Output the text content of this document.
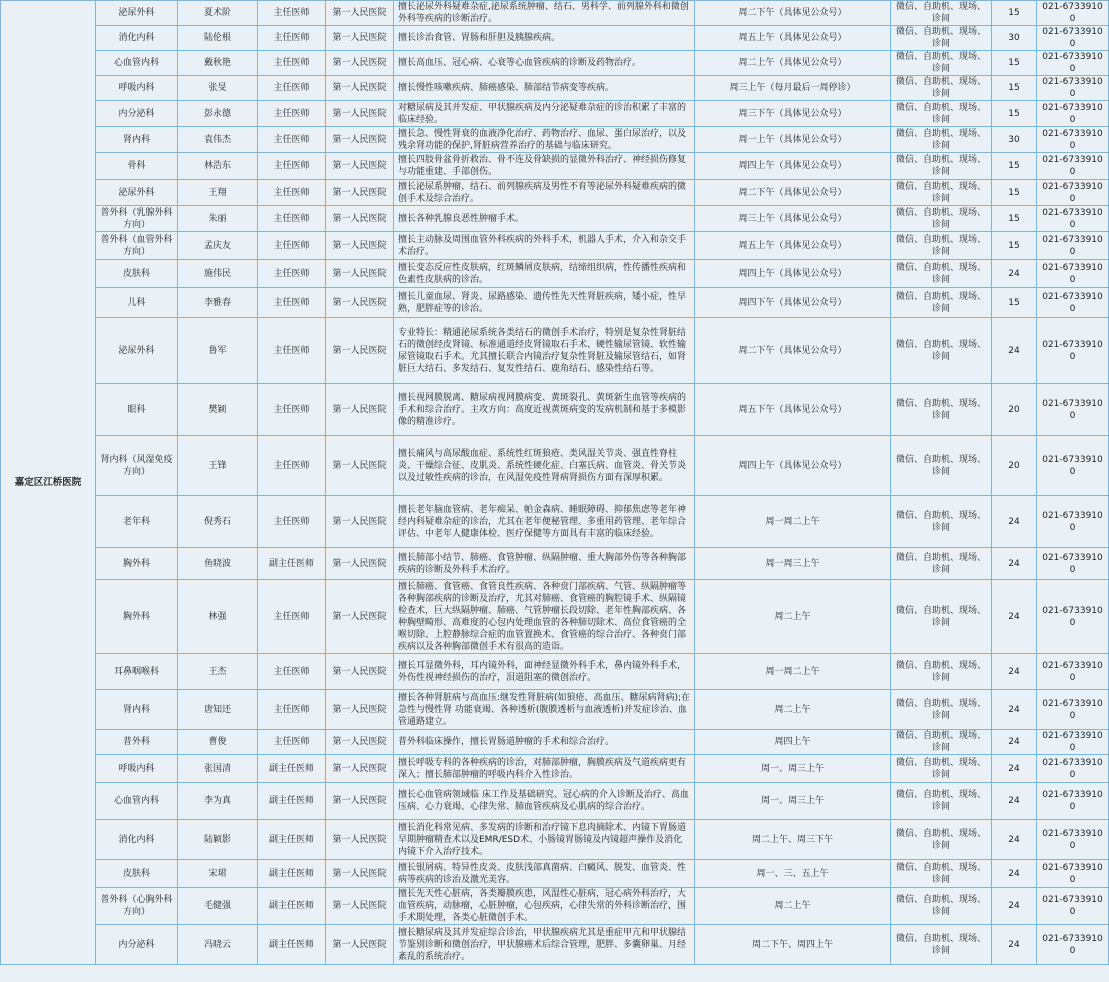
嘉定区江桥医院	泌尿外科	夏术阶	主任医师	第一人民医院	擅长泌尿外科疑难杂症,泌尿系统肿瘤、结石、男科学、前列腺外科和微创外科等疾病的诊断治疗。	周二下午（具体见公众号）	微信、自助机、现场、诊间	15	021-67339100
	消化内科	陆伦根	主任医师	第一人民医院	擅长诊治食管、胃肠和肝胆及胰腺疾病。	周五上午（具体见公众号）	微信、自助机、现场、诊间	30	021-67339100
	心血管内科	戴秋艳	主任医师	第一人民医院	擅长高血压、冠心病、心衰等心血管疾病的诊断及药物治疗。	周二上午（具体见公众号）	微信、自助机、现场、诊间	15	021-67339100
	呼吸内科	张旻	主任医师	第一人民医院	擅长慢性咳嗽疾病、肺癌感染、肺部结节病变等疾病。	周三上午（每月最后一周停诊）	微信、自助机、现场、诊间	15	021-67339100
	内分泌科	彭永德	主任医师	第一人民医院	对糖尿病及其并发症、甲状腺疾病及内分泌疑难杂症的诊治积累了丰富的临床经验。	周三下午（具体见公众号）	微信、自助机、现场、诊间	15	021-67339100
	肾内科	袁伟杰	主任医师	第一人民医院	擅长急、慢性肾衰的血液净化治疗、药物治疗、血尿、蛋白尿治疗，以及残余肾功能的保护,肾脏病营养治疗的基础与临床研究。	周一上午（具体见公众号）	微信、自助机、现场、诊间	30	021-67339100
	骨科	林浩东	主任医师	第一人民医院	擅长四肢骨盆骨折救治、骨不连及骨缺损的显微外科治疗、神经损伤修复与功能重建、手部创伤。	周四上午（具体见公众号）	微信、自助机、现场、诊间	15	021-67339100
	泌尿外科	王翔	主任医师	第一人民医院	擅长泌尿系肿瘤、结石、前列腺疾病及男性不育等泌尿外科疑难疾病的微创手术及综合治疗。	周二下午（具体见公众号）	微信、自助机、现场、诊间	15	021-67339100
	普外科（乳腺外科方向）	朱丽	主任医师	第一人民医院	擅长各种乳腺良恶性肿瘤手术。	周三上午（具体见公众号）	微信、自助机、现场、诊间	15	021-67339100
	普外科（血管外科方向）	孟庆友	主任医师	第一人民医院	擅长主动脉及周围血管外科疾病的外科手术，机器人手术，介入和杂交手术治疗。	周五上午（具体见公众号）	微信、自助机、现场、诊间	15	021-67339100
	皮肤科	施伟民	主任医师	第一人民医院	擅长变态反应性皮肤病，红斑鳞屑皮肤病，结缔组织病，性传播性疾病和色素性皮肤病的诊治。	周四上午（具体见公众号）	微信、自助机、现场、诊间	24	021-67339100
	儿科	李雅春	主任医师	第一人民医院	擅长儿童血尿、肾炎、尿路感染、遗传性先天性肾脏疾病，矮小症，性早熟，肥胖症等的诊治。	周四下午（具体见公众号）	微信、自助机、现场、诊间	15	021-67339100
	泌尿外科	鲁军	主任医师	第一人民医院	专业特长：精通泌尿系统各类结石的微创手术治疗，特别是复杂性肾脏结石的微创经皮肾镜、标准通道经皮肾镜取石手术、硬性输尿管镜、软性输尿管镜取石手术。尤其擅长联合内镜治疗复杂性肾脏及输尿管结石，如肾脏巨大结石、多发结石、复发性结石、鹿角结石、感染性结石等。	周二下午（具体见公众号）	微信、自助机、现场、诊间	24	021-67339100
	眼科	樊颖	主任医师	第一人民医院	擅长视网膜脱离、糖尿病视网膜病变、黄斑裂孔、黄斑新生血管等疾病的手术和综合治疗。主攻方向：高度近视黄斑病变的发病机制和基于多模影像的精准诊疗。	周五下午（具体见公众号）	微信、自助机、现场、诊间	20	021-67339100
	肾内科（风湿免疫方向）	王锋	主任医师	第一人民医院	擅长痛风与高尿酸血症、系统性红斑狼疮、类风湿关节炎、强直性脊柱炎、干燥综合征、皮肌炎、系统性硬化症、白塞氏病、血管炎、骨关节炎以及过敏性疾病的诊治，在风湿免疫性肾病肾损伤方面有深厚积累。	周四上午（具体见公众号）	微信、自助机、现场、诊间	20	021-67339100
	老年科	倪秀石	主任医师	第一人民医院	擅长老年脑血管病、老年痴呆、帕金森病、睡眠障碍、抑郁焦虑等老年神经内科疑难杂症的诊治，尤其在老年便秘管理、多重用药管理、老年综合评估、中老年人健康体检、医疗保健等方面具有丰富的临床经验。	周一周二上午	微信、自助机、现场、诊间	24	021-67339100
	胸外科	鱼晓波	副主任医师	第一人民医院	擅长肺部小结节、肺癌、食管肿瘤、纵隔肿瘤、重大胸部外伤等各种胸部疾病的诊断及外科手术治疗。	周一周三上午	微信、自助机、现场、诊间	24	021-67339100
	胸外科	林强	主任医师	第一人民医院	擅长肺癌、食管癌、食管良性疾病、各种贲门部疾病、气管、纵隔肿瘤等各种胸部疾病的诊断及治疗，尤其对肺癌、食管癌的胸腔镜手术、纵隔镜检查术，巨大纵隔肿瘤、肺癌、气管肿瘤长段切除、老年性胸部疾病、各种胸壁畸形、高难度的心包内处理血管的各种肺切除术、高位食管癌的全喉切除、上腔静脉综合症的血管置换术、食管癌的综合治疗、各种贲门部疾病以及各种胸部微创手术有很高的造诣。	周二上午	微信、自助机、现场、诊间	24	021-67339100
	耳鼻咽喉科	王杰	主任医师	第一人民医院	擅长耳显微外科，耳内镜外科，面神经显微外科手术，鼻内镜外科手术，外伤性视神经损伤的治疗，泪道阻塞的微创治疗。	周一周二上午	微信、自助机、现场、诊间	24	021-67339100
	肾内科	唐知还	主任医师	第一人民医院	擅长各种肾脏病与高血压:继发性肾脏病(如狼疮、高血压、糖尿病肾病);在急性与慢性肾 功能衰竭、各种透析(腹膜透析与血液透析)并发症诊治、血管通路建立。	周二上午	微信、自助机、现场、诊间	24	021-67339100
	普外科	曹俊	主任医师	第一人民医院	普外科临床操作，擅长胃肠道肿瘤的手术和综合治疗。	周四上午	微信、自助机、现场、诊间	24	021-67339100
	呼吸内科	张国清	副主任医师	第一人民医院	擅长呼吸专科的各种疾病的诊治，对肺部肿瘤，胸膜疾病及气道疾病更有深入；擅长肺部肿瘤的呼吸内科介入性诊治。	周一、周三上午	微信、自助机、现场、诊间	24	021-67339100
	心血管内科	李为真	副主任医师	第一人民医院	擅长心血管病领域临 床工作及基础研究、冠心病的介入诊断及治疗、高血压病、心力衰竭、心律失常、肺血管疾病及心肌病的综合治疗。	周一、周三上午	微信、自助机、现场、诊间	24	021-67339100
	消化内科	陆颖影	副主任医师	第一人民医院	擅长消化科常见病、多发病的诊断和治疗镜下息肉摘除术、内镜下胃肠道早期肿瘤精查术以及EMR/ESD术、小肠镜胃肠镜及内镜超声操作及消化内镜下介入治疗技术。	周二上午、周三下午	微信、自助机、现场、诊间	24	021-67339100
	皮肤科	宋珺	副主任医师	第一人民医院	擅长银屑病、特异性皮炎、皮肤浅部真菌病、白癜风、脱发、血管炎、性病等疾病的诊治及激光美容。	周一、三、五上午	微信、自助机、现场、诊间	24	021-67339100
	普外科（心胸外科方向）	毛健强	副主任医师	第一人民医院	擅长先天性心脏病，各类瓣膜疾患，风湿性心脏病，冠心病外科治疗，大血管疾病，动脉瘤，心脏肿瘤，心包疾病，心律失常的外科诊断治疗，围手术期处理，各类心脏微创手术。	周二上午	微信、自助机、现场、诊间	24	021-67339100
	内分泌科	冯晓云	副主任医师	第一人民医院	擅长糖尿病及其并发症综合诊治，甲状腺疾病尤其是重症甲亢和甲状腺结节鉴别诊断和微创治疗，甲状腺癌术后综合管理，肥胖、多囊卵巢、月经紊乱的系统治疗。	周二下午、周四上午	微信、自助机、现场、诊间	24	021-67339100
